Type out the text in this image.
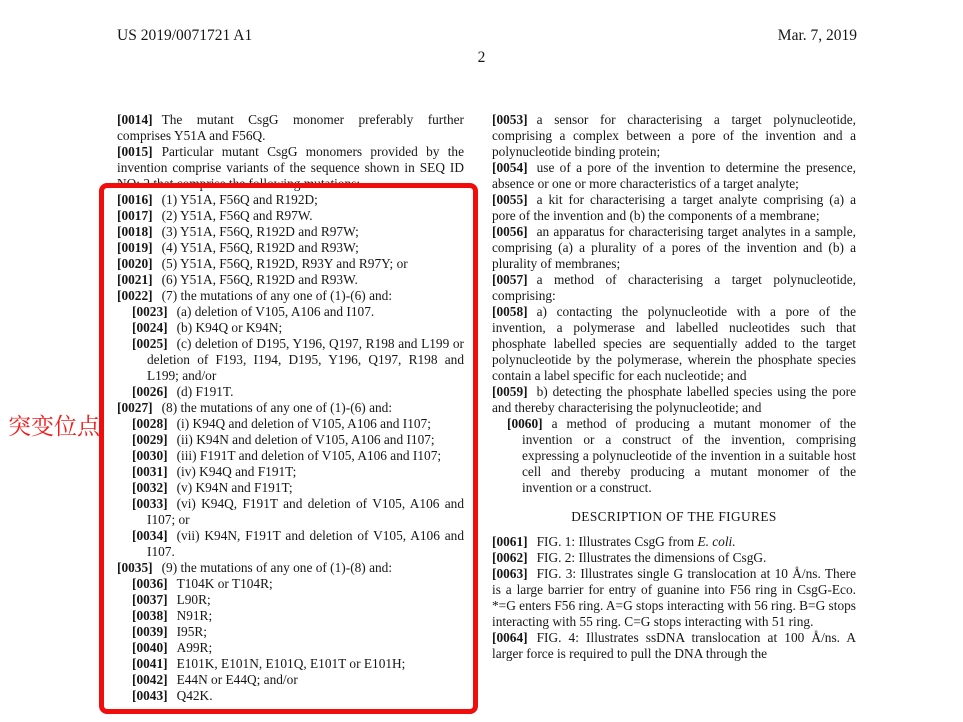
US 2019/0071721 A1	Mar. 7, 2019
2
[0014] The mutant CsgG monomer preferably further comprises Y51A and F56Q.
[0015] Particular mutant CsgG monomers provided by the invention comprise variants of the sequence shown in SEQ ID NO: 2 that comprise the following mutations:
[0016] (1) Y51A, F56Q and R192D;
[0017] (2) Y51A, F56Q and R97W.
[0018] (3) Y51A, F56Q, R192D and R97W;
[0019] (4) Y51A, F56Q, R192D and R93W;
[0020] (5) Y51A, F56Q, R192D, R93Y and R97Y; or
[0021] (6) Y51A, F56Q, R192D and R93W.
[0022] (7) the mutations of any one of (1)-(6) and:
[0023] (a) deletion of V105, A106 and I107.
[0024] (b) K94Q or K94N;
[0025] (c) deletion of D195, Y196, Q197, R198 and L199 or deletion of F193, I194, D195, Y196, Q197, R198 and L199; and/or
[0026] (d) F191T.
[0027] (8) the mutations of any one of (1)-(6) and:
[0028] (i) K94Q and deletion of V105, A106 and I107;
[0029] (ii) K94N and deletion of V105, A106 and I107;
[0030] (iii) F191T and deletion of V105, A106 and I107;
[0031] (iv) K94Q and F191T;
[0032] (v) K94N and F191T;
[0033] (vi) K94Q, F191T and deletion of V105, A106 and I107; or
[0034] (vii) K94N, F191T and deletion of V105, A106 and I107.
[0035] (9) the mutations of any one of (1)-(8) and:
[0036] T104K or T104R;
[0037] L90R;
[0038] N91R;
[0039] I95R;
[0040] A99R;
[0041] E101K, E101N, E101Q, E101T or E101H;
[0042] E44N or E44Q; and/or
[0043] Q42K.
[0053] a sensor for characterising a target polynucleotide, comprising a complex between a pore of the invention and a polynucleotide binding protein;
[0054] use of a pore of the invention to determine the presence, absence or one or more characteristics of a target analyte;
[0055] a kit for characterising a target analyte comprising (a) a pore of the invention and (b) the components of a membrane;
[0056] an apparatus for characterising target analytes in a sample, comprising (a) a plurality of a pores of the invention and (b) a plurality of membranes;
[0057] a method of characterising a target polynucleotide, comprising:
[0058] a) contacting the polynucleotide with a pore of the invention, a polymerase and labelled nucleotides such that phosphate labelled species are sequentially added to the target polynucleotide by the polymerase, wherein the phosphate species contain a label specific for each nucleotide; and
[0059] b) detecting the phosphate labelled species using the pore and thereby characterising the polynucleotide; and
[0060] a method of producing a mutant monomer of the invention or a construct of the invention, comprising expressing a polynucleotide of the invention in a suitable host cell and thereby producing a mutant monomer of the invention or a construct.
DESCRIPTION OF THE FIGURES
[0061] FIG. 1: Illustrates CsgG from E. coli.
[0062] FIG. 2: Illustrates the dimensions of CsgG.
[0063] FIG. 3: Illustrates single G translocation at 10 Å/ns. There is a large barrier for entry of guanine into F56 ring in CsgG-Eco. *=G enters F56 ring. A=G stops interacting with 56 ring. B=G stops interacting with 55 ring. C=G stops interacting with 51 ring.
[0064] FIG. 4: Illustrates ssDNA translocation at 100 Å/ns. A larger force is required to pull the DNA through the
突变位点
